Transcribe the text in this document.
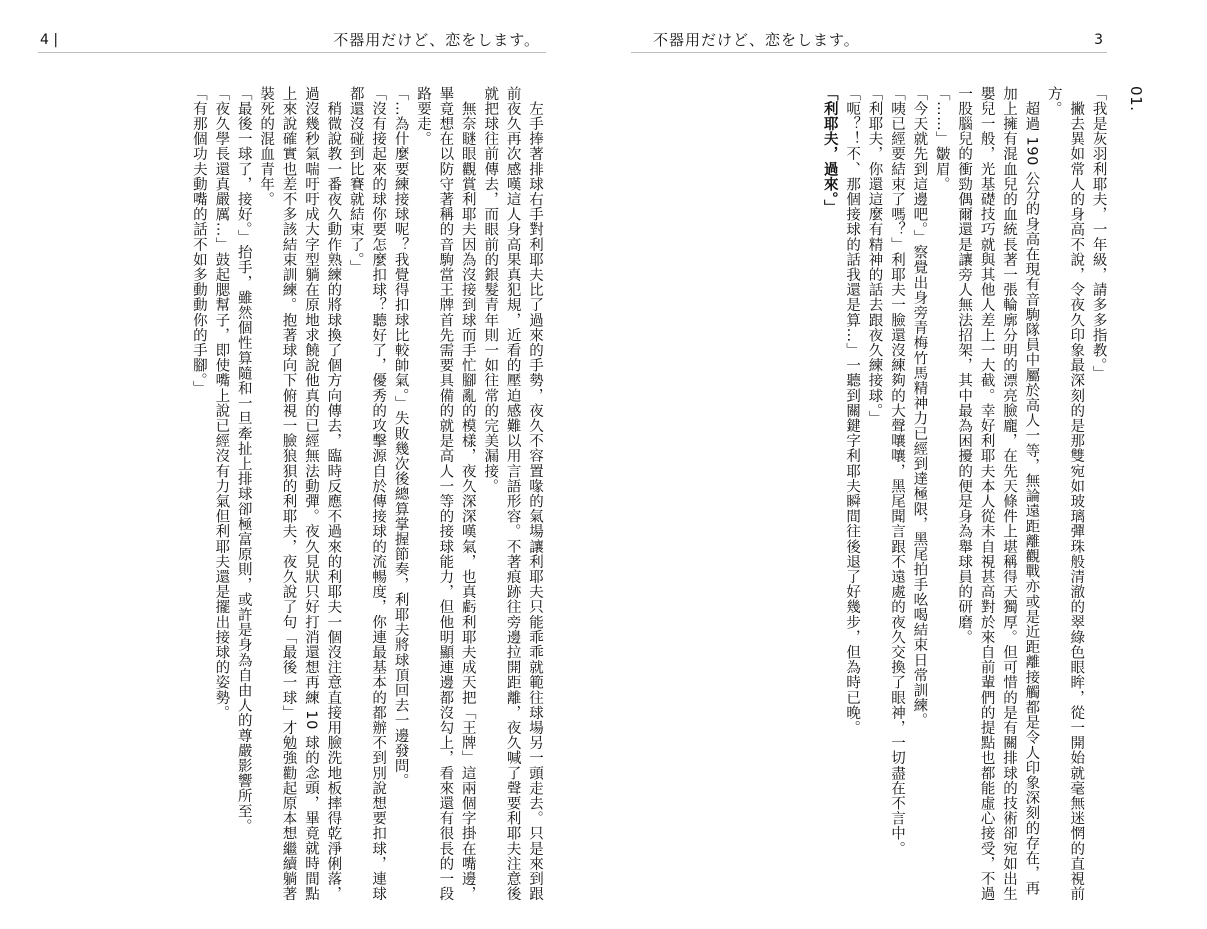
4 |	不器用だけど、恋をします。

　左手捧著排球右手對利耶夫比了過來的手勢，夜久不容置喙的氣場讓利耶夫只能乖乖就範往球場另一頭走去。只是來到跟前夜久再次感嘆這人身高果真犯規，近看的壓迫感難以用言語形容。不著痕跡往旁邊拉開距離，夜久喊了聲要利耶夫注意後就把球往前傳去，而眼前的銀髮青年則一如往常的完美漏接。

　無奈瞇眼觀賞利耶夫因為沒接到球而手忙腳亂的模樣，夜久深深嘆氣，也真虧利耶夫成天把「王牌」這兩個字掛在嘴邊，畢竟想在以防守著稱的音駒當王牌首先需要具備的就是高人一等的接球能力，但他明顯連邊都沒勾上，看來還有很長的一段路要走。

「…為什麼要練接球呢？我覺得扣球比較帥氣。」失敗幾次後總算掌握節奏，利耶夫將球頂回去一邊發問。

「沒有接起來的球你要怎麼扣球？聽好了，優秀的攻擊源自於傳接球的流暢度，你連最基本的都辦不到別說想要扣球，連球都還沒碰到比賽就結束了。」

　稍微說教一番夜久動作熟練的將球換了個方向傳去，臨時反應不過來的利耶夫一個沒注意直接用臉洗地板摔得乾淨俐落，過沒幾秒氣喘吁吁成大字型躺在原地求饒說他真的已經無法動彈。夜久見狀只好打消還想再練 10 球的念頭，畢竟就時間點上來說確實也差不多該結束訓練。抱著球向下俯視一臉狼狽的利耶夫，夜久說了句「最後一球」才勉強勸起原本想繼續躺著裝死的混血青年。

「最後一球了，接好。」抬手，雖然個性算隨和一旦牽扯上排球卻極富原則，或許是身為自由人的尊嚴影響所至。

「夜久學長還真嚴厲…」鼓起腮幫子，即使嘴上說已經沒有力氣但利耶夫還是擺出接球的姿勢。

「有那個功夫動嘴的話不如多動動你的手腳。」

不器用だけど、恋をします。	3

01.

「我是灰羽利耶夫，一年級，請多多指教。」

　撇去異如常人的身高不說，令夜久印象最深刻的是那雙宛如玻璃彈珠般清澈的翠綠色眼眸，從一開始就毫無迷惘的直視前方。

　超過 190 公分的身高在現有音駒隊員中屬於高人一等，無論遠距離觀戰亦或是近距離接觸都是令人印象深刻的存在，再加上擁有混血兒的血統長著一張輪廓分明的漂亮臉龐，在先天條件上堪稱得天獨厚。但可惜的是有關排球的技術卻宛如出生嬰兒一般，光基礎技巧就與其他人差上一大截。幸好利耶夫本人從未自視甚高對於來自前輩們的提點也都能虛心接受，不過一股腦兒的衝勁偶爾還是讓旁人無法招架，其中最為困擾的便是身為舉球員的研磨。

「……」皺眉。

「今天就先到這邊吧。」察覺出身旁青梅竹馬精神力已經到達極限，黑尾拍手吆喝結束日常訓練。

「咦已經要結束了嗎？」利耶夫一臉還沒練夠的大聲嚷嚷，黑尾聞言跟不遠處的夜久交換了眼神，一切盡在不言中。

「利耶夫，你還這麼有精神的話去跟夜久練接球。」

「呃？！不、那個接球的話我還是算…」一聽到關鍵字利耶夫瞬間往後退了好幾步，但為時已晚。

「利耶夫，過來。」
